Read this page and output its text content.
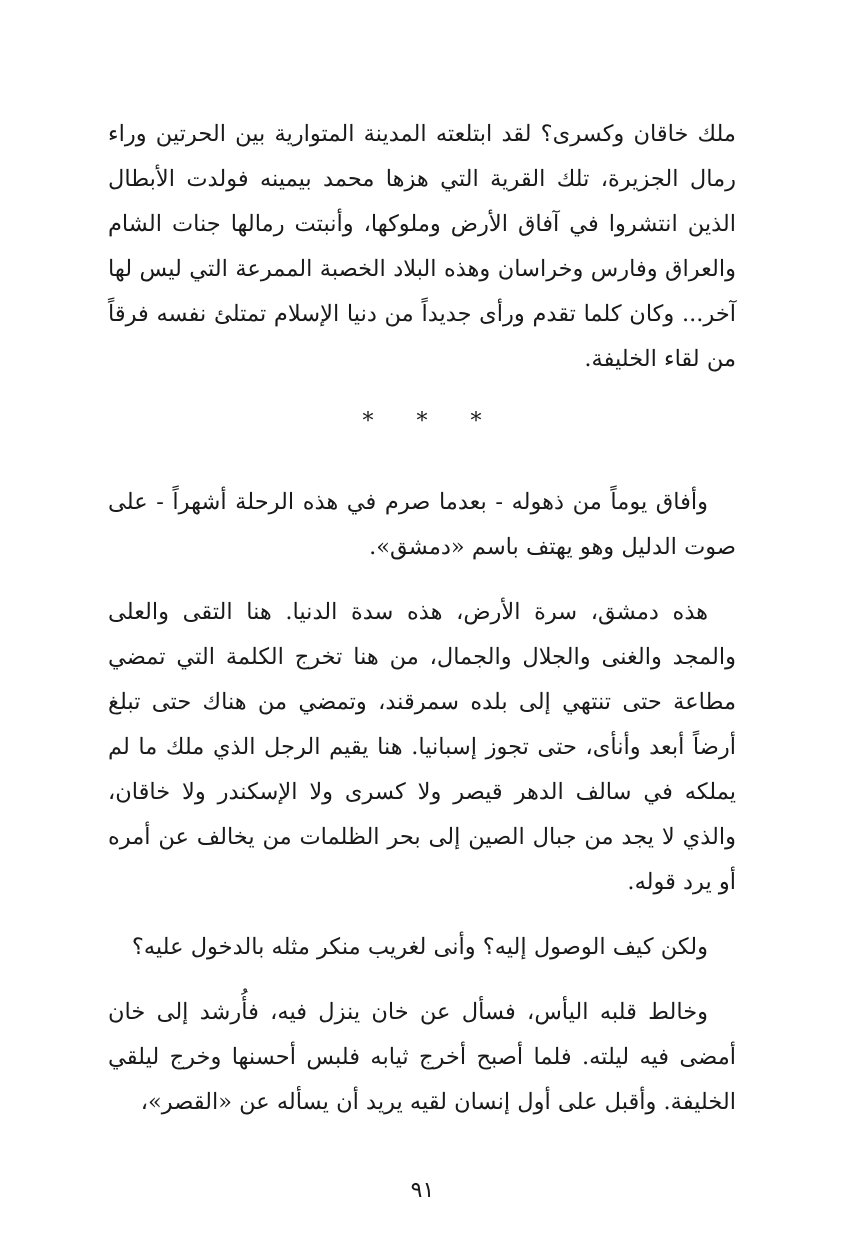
ملك خاقان وكسرى؟ لقد ابتلعته المدينة المتوارية بين الحرتين وراء رمال الجزيرة، تلك القرية التي هزها محمد بيمينه فولدت الأبطال الذين انتشروا في آفاق الأرض وملوكها، وأنبتت رمالها جنات الشام والعراق وفارس وخراسان وهذه البلاد الخصبة الممرعة التي ليس لها آخر... وكان كلما تقدم ورأى جديداً من دنيا الإسلام تمتلئ نفسه فرقاً من لقاء الخليفة.

* * *

وأفاق يوماً من ذهوله - بعدما صرم في هذه الرحلة أشهراً - على صوت الدليل وهو يهتف باسم «دمشق».

هذه دمشق، سرة الأرض، هذه سدة الدنيا. هنا التقى والعلى والمجد والغنى والجلال والجمال، من هنا تخرج الكلمة التي تمضي مطاعة حتى تنتهي إلى بلده سمرقند، وتمضي من هناك حتى تبلغ أرضاً أبعد وأنأى، حتى تجوز إسبانيا. هنا يقيم الرجل الذي ملك ما لم يملكه في سالف الدهر قيصر ولا كسرى ولا الإسكندر ولا خاقان، والذي لا يجد من جبال الصين إلى بحر الظلمات من يخالف عن أمره أو يرد قوله.

ولكن كيف الوصول إليه؟ وأنى لغريب منكر مثله بالدخول عليه؟

وخالط قلبه اليأس، فسأل عن خان ينزل فيه، فأُرشد إلى خان أمضى فيه ليلته. فلما أصبح أخرج ثيابه فلبس أحسنها وخرج ليلقي الخليفة. وأقبل على أول إنسان لقيه يريد أن يسأله عن «القصر»،

٩١
